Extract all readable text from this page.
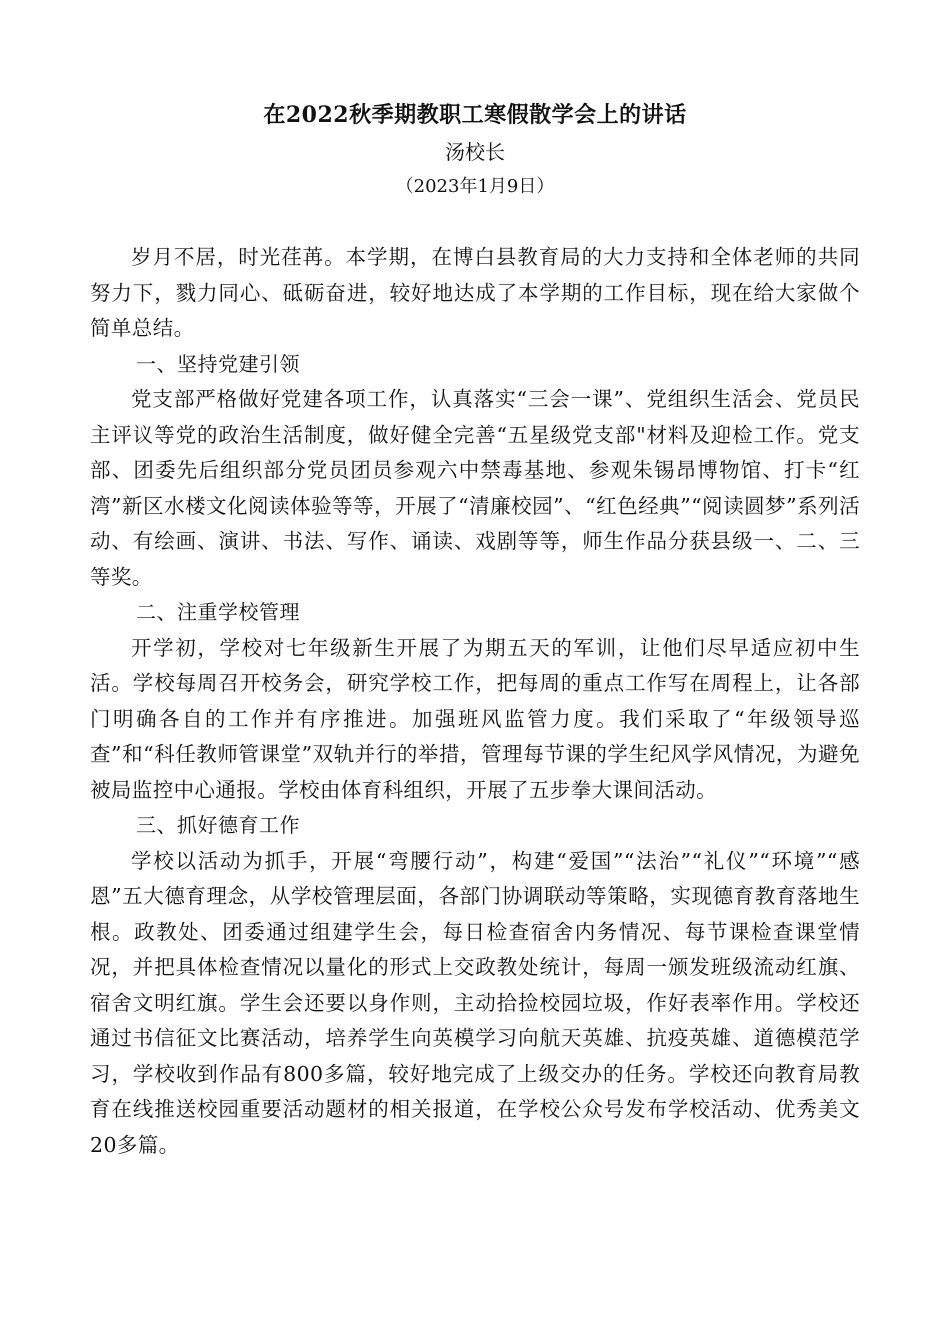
在2022秋季期教职工寒假散学会上的讲话
汤校长
（2023年1月9日）

岁月不居，时光荏苒。本学期，在博白县教育局的大力支持和全体老师的共同努力下，戮力同心、砥砺奋进，较好地达成了本学期的工作目标，现在给大家做个简单总结。

一、坚持党建引领

党支部严格做好党建各项工作，认真落实“三会一课”、党组织生活会、党员民主评议等党的政治生活制度，做好健全完善“五星级党支部"材料及迎检工作。党支部、团委先后组织部分党员团员参观六中禁毒基地、参观朱锡昂博物馆、打卡“红湾”新区水楼文化阅读体验等等，开展了“清廉校园”、“红色经典”“阅读圆梦”系列活动、有绘画、演讲、书法、写作、诵读、戏剧等等，师生作品分获县级一、二、三等奖。

二、注重学校管理

开学初，学校对七年级新生开展了为期五天的军训，让他们尽早适应初中生活。学校每周召开校务会，研究学校工作，把每周的重点工作写在周程上，让各部门明确各自的工作并有序推进。加强班风监管力度。我们采取了“年级领导巡查”和“科任教师管课堂”双轨并行的举措，管理每节课的学生纪风学风情况，为避免被局监控中心通报。学校由体育科组织，开展了五步拳大课间活动。

三、抓好德育工作

学校以活动为抓手，开展“弯腰行动”，构建“爱国”“法治”“礼仪”“环境”“感恩”五大德育理念，从学校管理层面，各部门协调联动等策略，实现德育教育落地生根。政教处、团委通过组建学生会，每日检查宿舍内务情况、每节课检查课堂情况，并把具体检查情况以量化的形式上交政教处统计，每周一颁发班级流动红旗、宿舍文明红旗。学生会还要以身作则，主动拾捡校园垃圾，作好表率作用。学校还通过书信征文比赛活动，培养学生向英模学习向航天英雄、抗疫英雄、道德模范学习，学校收到作品有800多篇，较好地完成了上级交办的任务。学校还向教育局教育在线推送校园重要活动题材的相关报道，在学校公众号发布学校活动、优秀美文20多篇。
